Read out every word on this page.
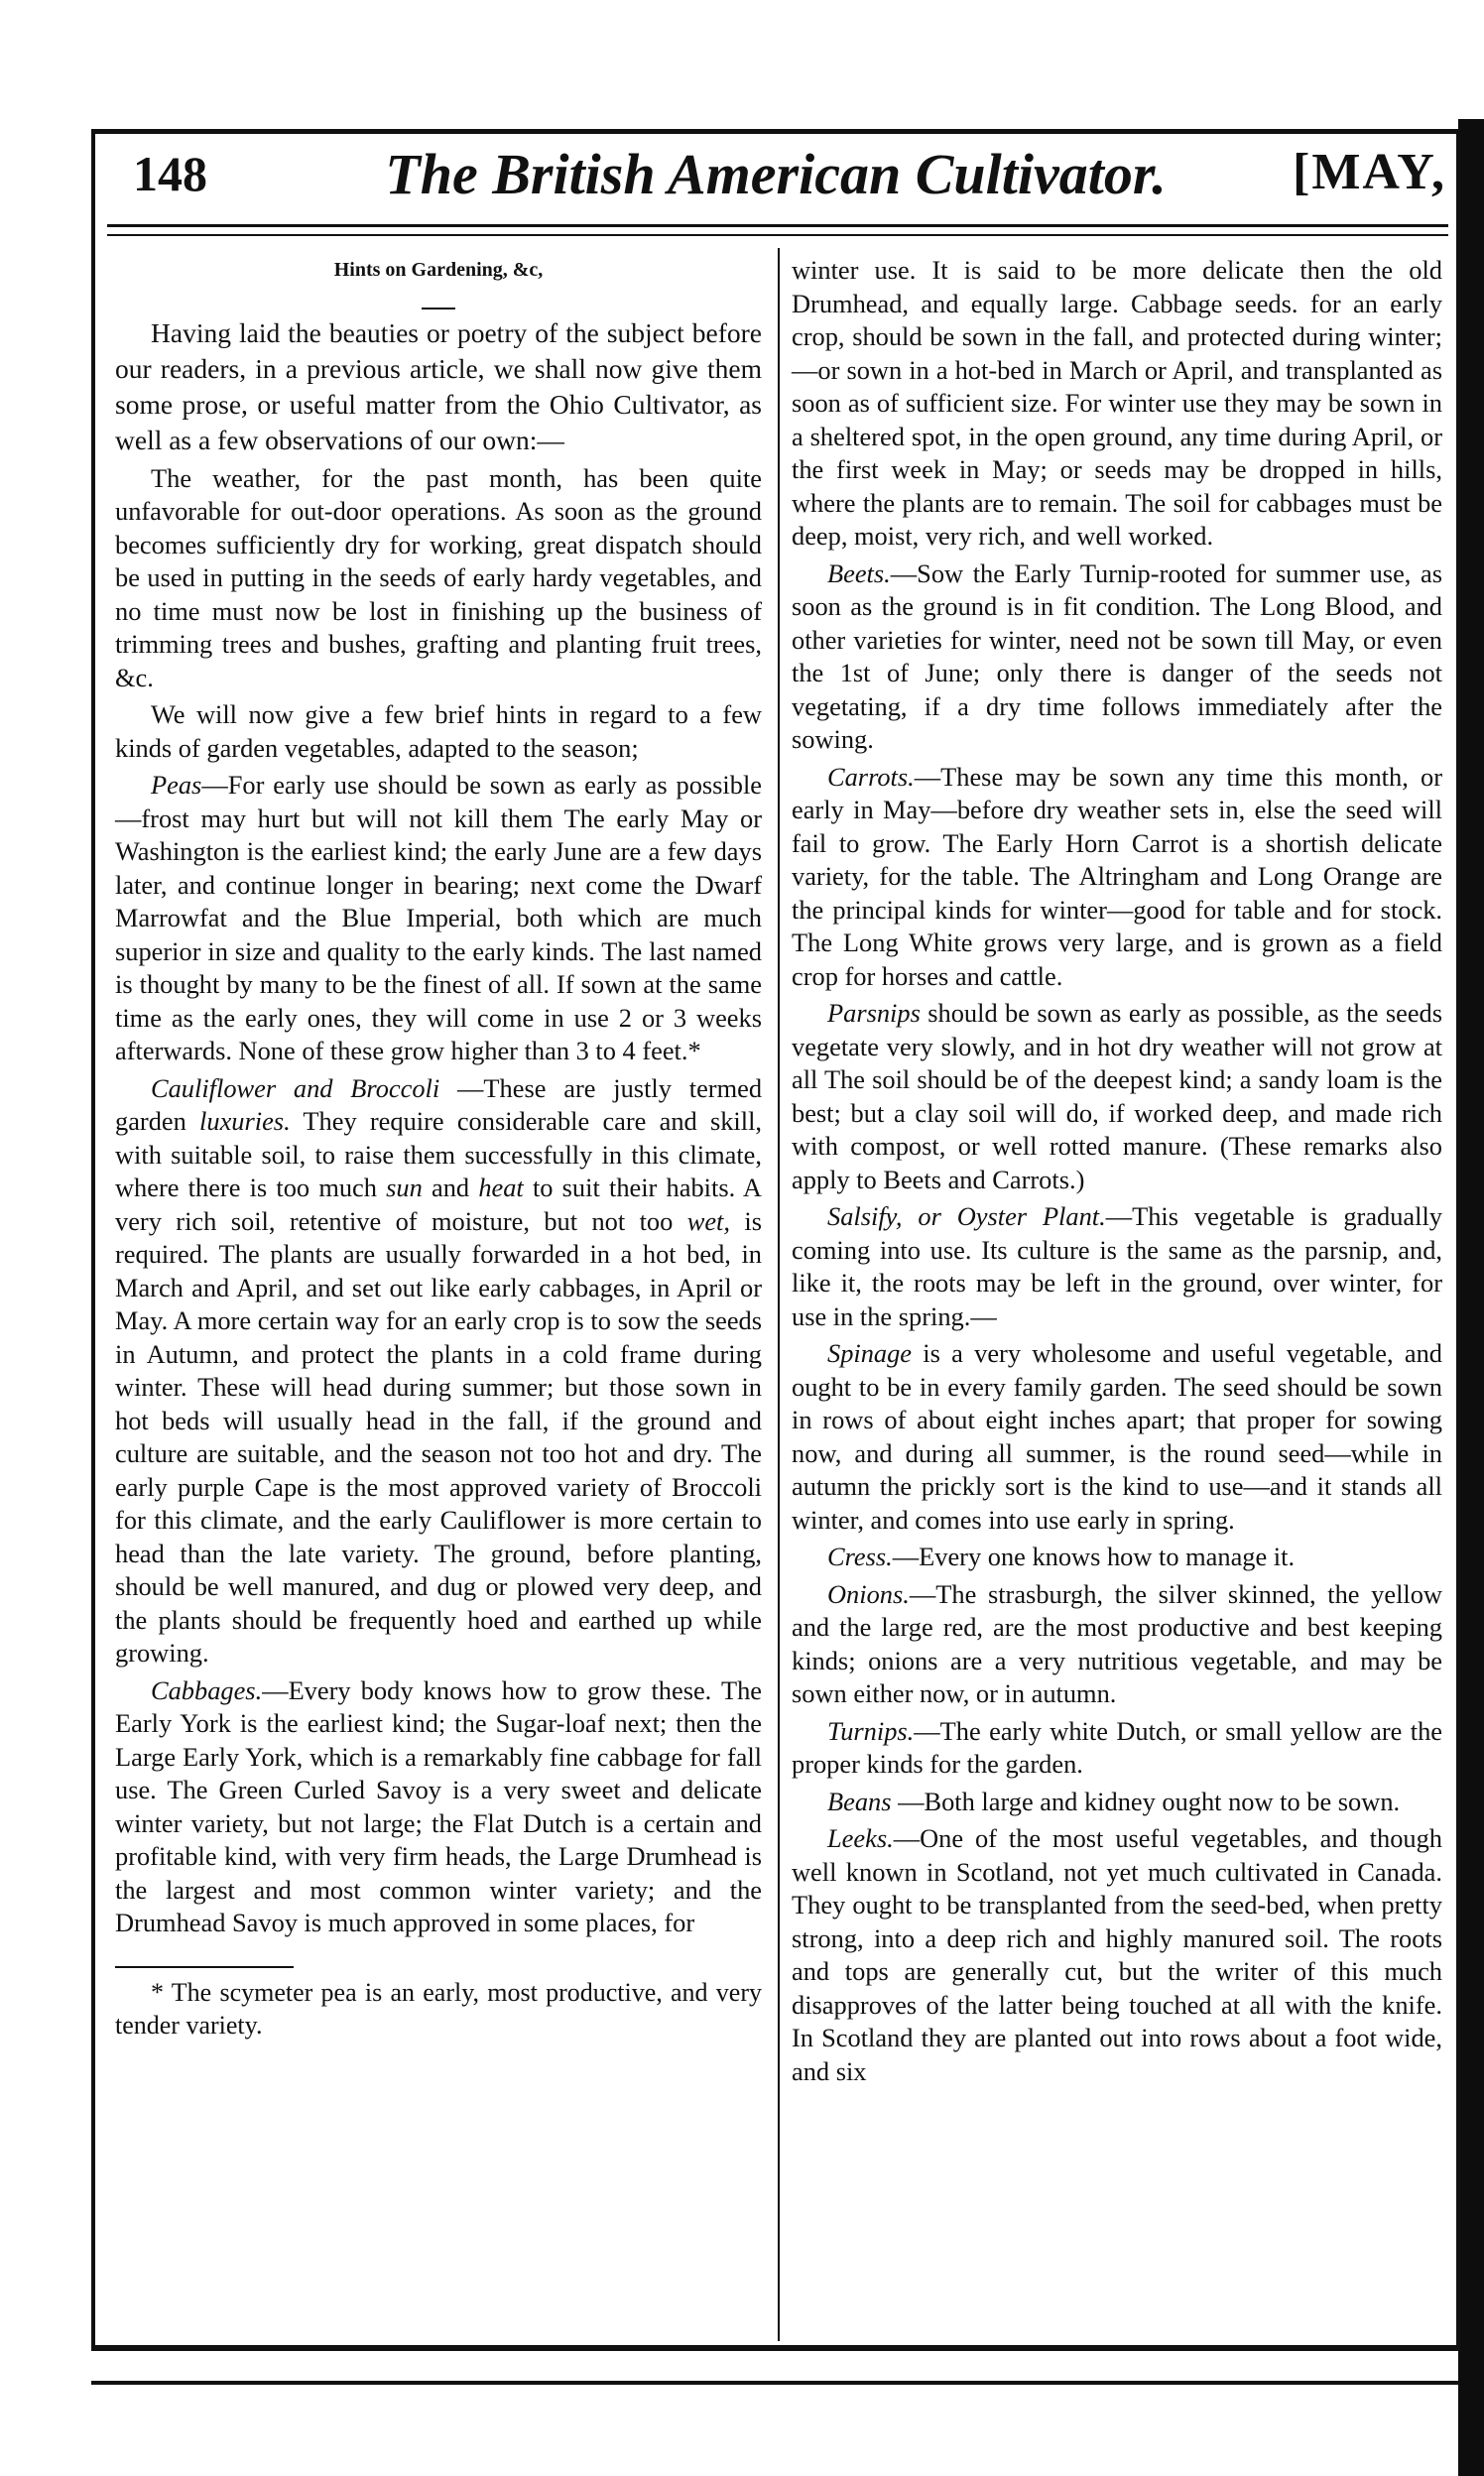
148	The British American Cultivator.	[MAY,
Hints on Gardening, &c,

Having laid the beauties or poetry of the subject before our readers, in a previous article, we shall now give them some prose, or useful matter from the Ohio Cultivator, as well as a few observations of our own:—

The weather, for the past month, has been quite unfavorable for out-door operations. As soon as the ground becomes sufficiently dry for working, great dispatch should be used in putting in the seeds of early hardy vegetables, and no time must now be lost in finishing up the business of trimming trees and bushes, grafting and planting fruit trees, &c.

We will now give a few brief hints in regard to a few kinds of garden vegetables, adapted to the season;

Peas—For early use should be sown as early as possible—frost may hurt but will not kill them The early May or Washington is the earliest kind; the early June are a few days later, and continue longer in bearing; next come the Dwarf Marrowfat and the Blue Imperial, both which are much superior in size and quality to the early kinds. The last named is thought by many to be the finest of all. If sown at the same time as the early ones, they will come in use 2 or 3 weeks afterwards. None of these grow higher than 3 to 4 feet.*

Cauliflower and Broccoli —These are justly termed garden luxuries. They require considerable care and skill, with suitable soil, to raise them successfully in this climate, where there is too much sun and heat to suit their habits. A very rich soil, retentive of moisture, but not too wet, is required. The plants are usually forwarded in a hot bed, in March and April, and set out like early cabbages, in April or May. A more certain way for an early crop is to sow the seeds in Autumn, and protect the plants in a cold frame during winter. These will head during summer; but those sown in hot beds will usually head in the fall, if the ground and culture are suitable, and the season not too hot and dry. The early purple Cape is the most approved variety of Broccoli for this climate, and the early Cauliflower is more certain to head than the late variety. The ground, before planting, should be well manured, and dug or plowed very deep, and the plants should be frequently hoed and earthed up while growing.

Cabbages.—Every body knows how to grow these. The Early York is the earliest kind; the Sugar-loaf next; then the Large Early York, which is a remarkably fine cabbage for fall use. The Green Curled Savoy is a very sweet and delicate winter variety, but not large; the Flat Dutch is a certain and profitable kind, with very firm heads, the Large Drumhead is the largest and most common winter variety; and the Drumhead Savoy is much approved in some places, for

* The scymeter pea is an early, most productive, and very tender variety.

winter use. It is said to be more delicate then the old Drumhead, and equally large. Cabbage seeds. for an early crop, should be sown in the fall, and protected during winter;—or sown in a hot-bed in March or April, and transplanted as soon as of sufficient size. For winter use they may be sown in a sheltered spot, in the open ground, any time during April, or the first week in May; or seeds may be dropped in hills, where the plants are to remain. The soil for cabbages must be deep, moist, very rich, and well worked.

Beets.—Sow the Early Turnip-rooted for summer use, as soon as the ground is in fit condition. The Long Blood, and other varieties for winter, need not be sown till May, or even the 1st of June; only there is danger of the seeds not vegetating, if a dry time follows immediately after the sowing.

Carrots.—These may be sown any time this month, or early in May—before dry weather sets in, else the seed will fail to grow. The Early Horn Carrot is a shortish delicate variety, for the table. The Altringham and Long Orange are the principal kinds for winter—good for table and for stock. The Long White grows very large, and is grown as a field crop for horses and cattle.

Parsnips should be sown as early as possible, as the seeds vegetate very slowly, and in hot dry weather will not grow at all The soil should be of the deepest kind; a sandy loam is the best; but a clay soil will do, if worked deep, and made rich with compost, or well rotted manure. (These remarks also apply to Beets and Carrots.)

Salsify, or Oyster Plant.—This vegetable is gradually coming into use. Its culture is the same as the parsnip, and, like it, the roots may be left in the ground, over winter, for use in the spring.—

Spinage is a very wholesome and useful vegetable, and ought to be in every family garden. The seed should be sown in rows of about eight inches apart; that proper for sowing now, and during all summer, is the round seed—while in autumn the prickly sort is the kind to use—and it stands all winter, and comes into use early in spring.

Cress.—Every one knows how to manage it.

Onions.—The strasburgh, the silver skinned, the yellow and the large red, are the most productive and best keeping kinds; onions are a very nutritious vegetable, and may be sown either now, or in autumn.

Turnips.—The early white Dutch, or small yellow are the proper kinds for the garden.

Beans —Both large and kidney ought now to be sown.

Leeks.—One of the most useful vegetables, and though well known in Scotland, not yet much cultivated in Canada. They ought to be transplanted from the seed-bed, when pretty strong, into a deep rich and highly manured soil. The roots and tops are generally cut, but the writer of this much disapproves of the latter being touched at all with the knife. In Scotland they are planted out into rows about a foot wide, and six
